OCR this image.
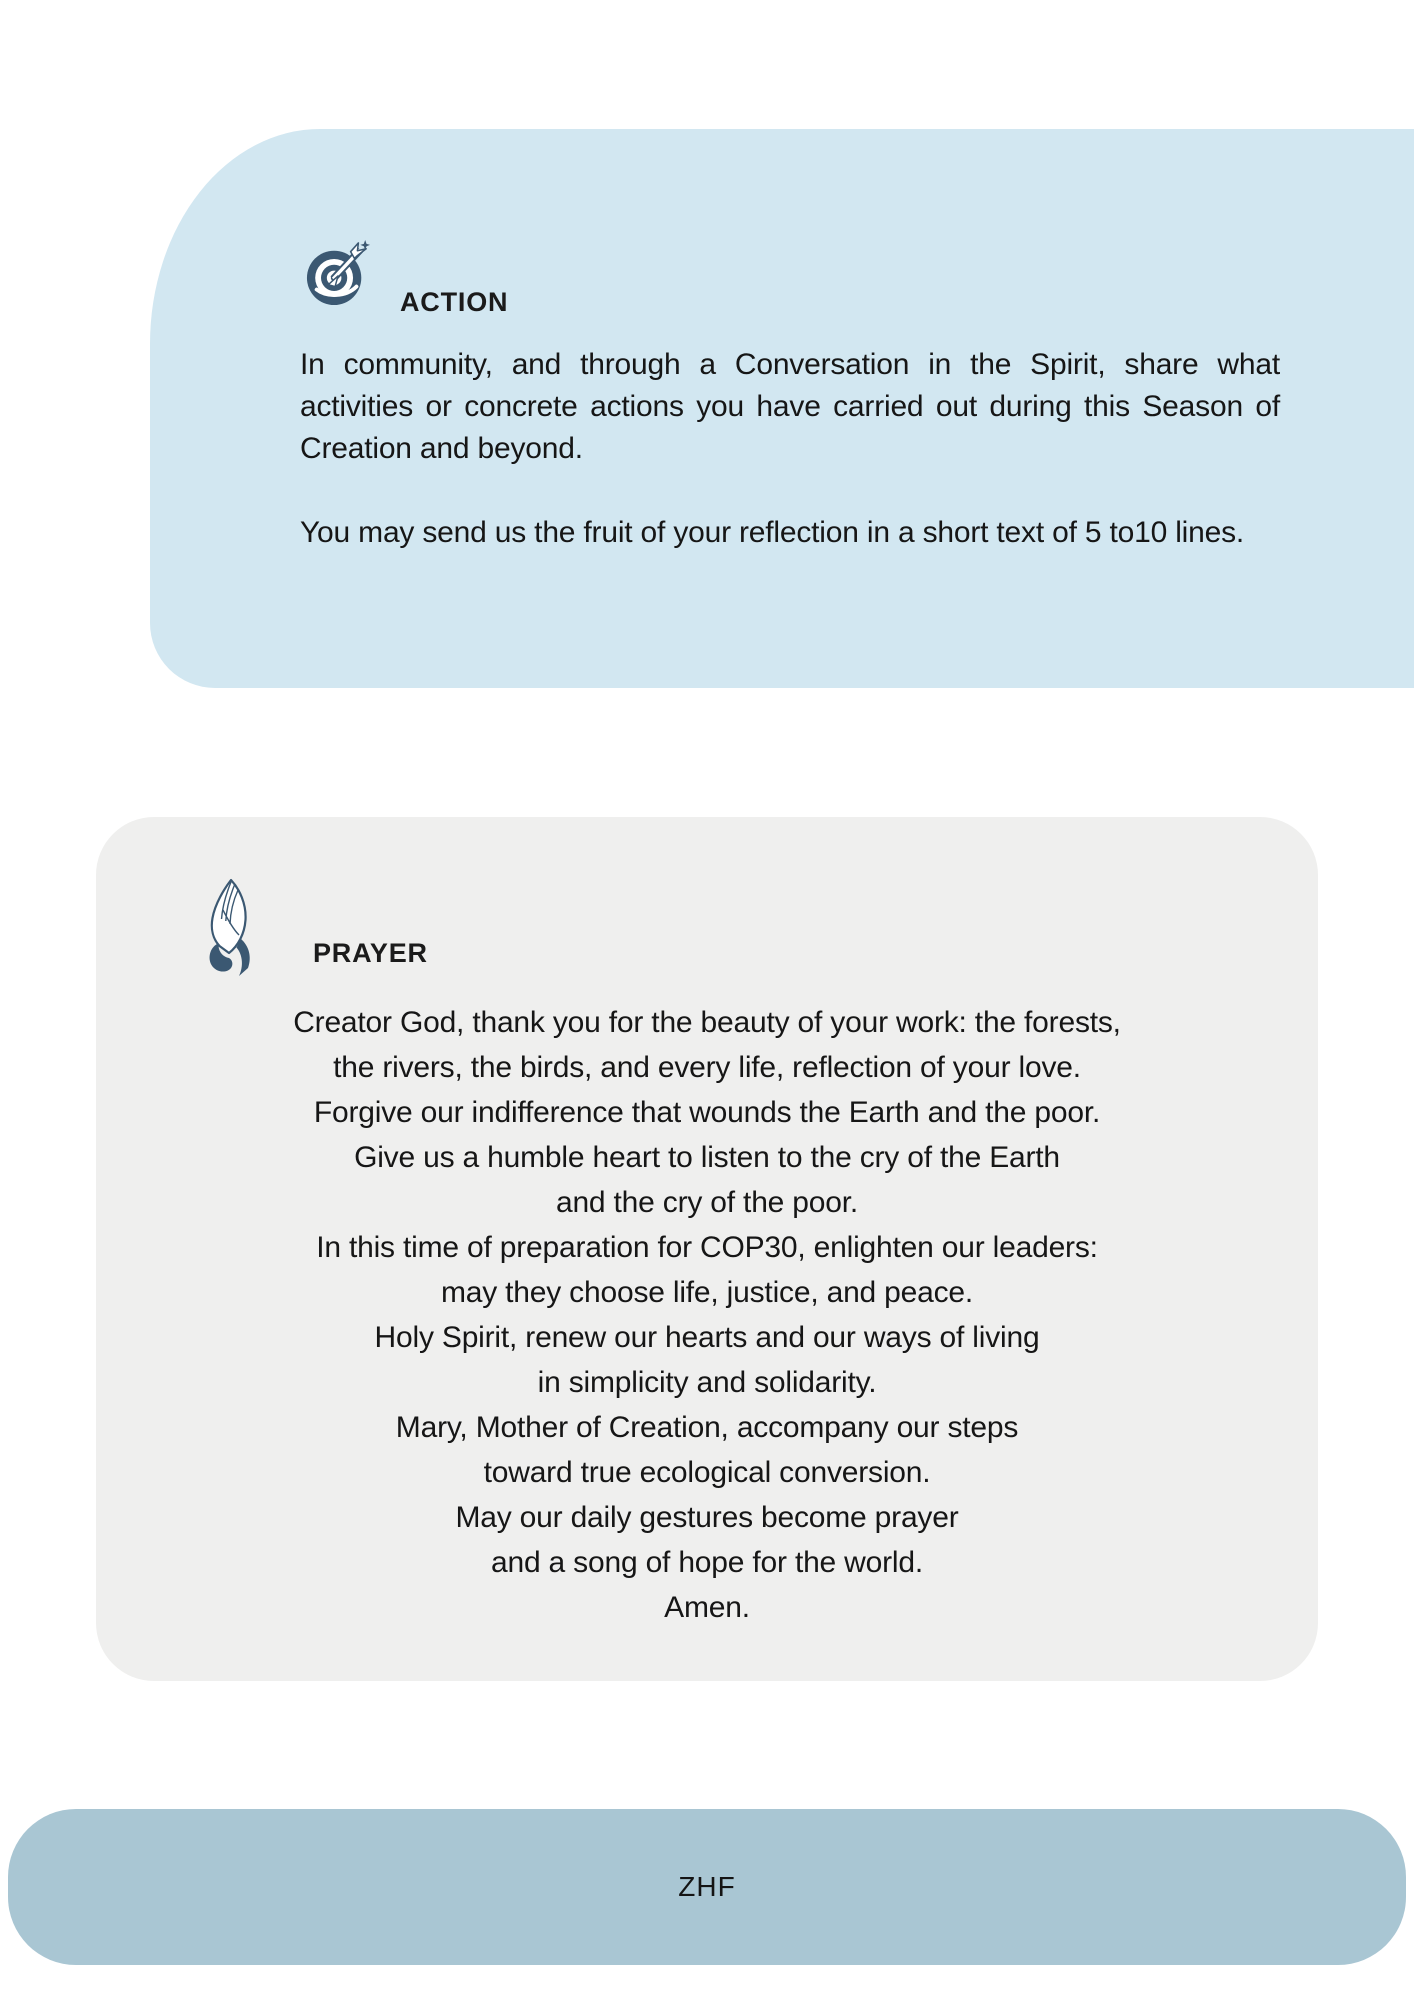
ACTION

In community, and through a Conversation in the Spirit, share what activities or concrete actions you have carried out during this Season of Creation and beyond.

You may send us the fruit of your reflection in a short text of 5 to10 lines.

PRAYER
Creator God, thank you for the beauty of your work: the forests,
the rivers, the birds, and every life, reflection of your love.
Forgive our indifference that wounds the Earth and the poor.
Give us a humble heart to listen to the cry of the Earth
and the cry of the poor.
In this time of preparation for COP30, enlighten our leaders:
may they choose life, justice, and peace.
Holy Spirit, renew our hearts and our ways of living
in simplicity and solidarity.
Mary, Mother of Creation, accompany our steps
toward true ecological conversion.
May our daily gestures become prayer
and a song of hope for the world.
Amen.
ZHF
